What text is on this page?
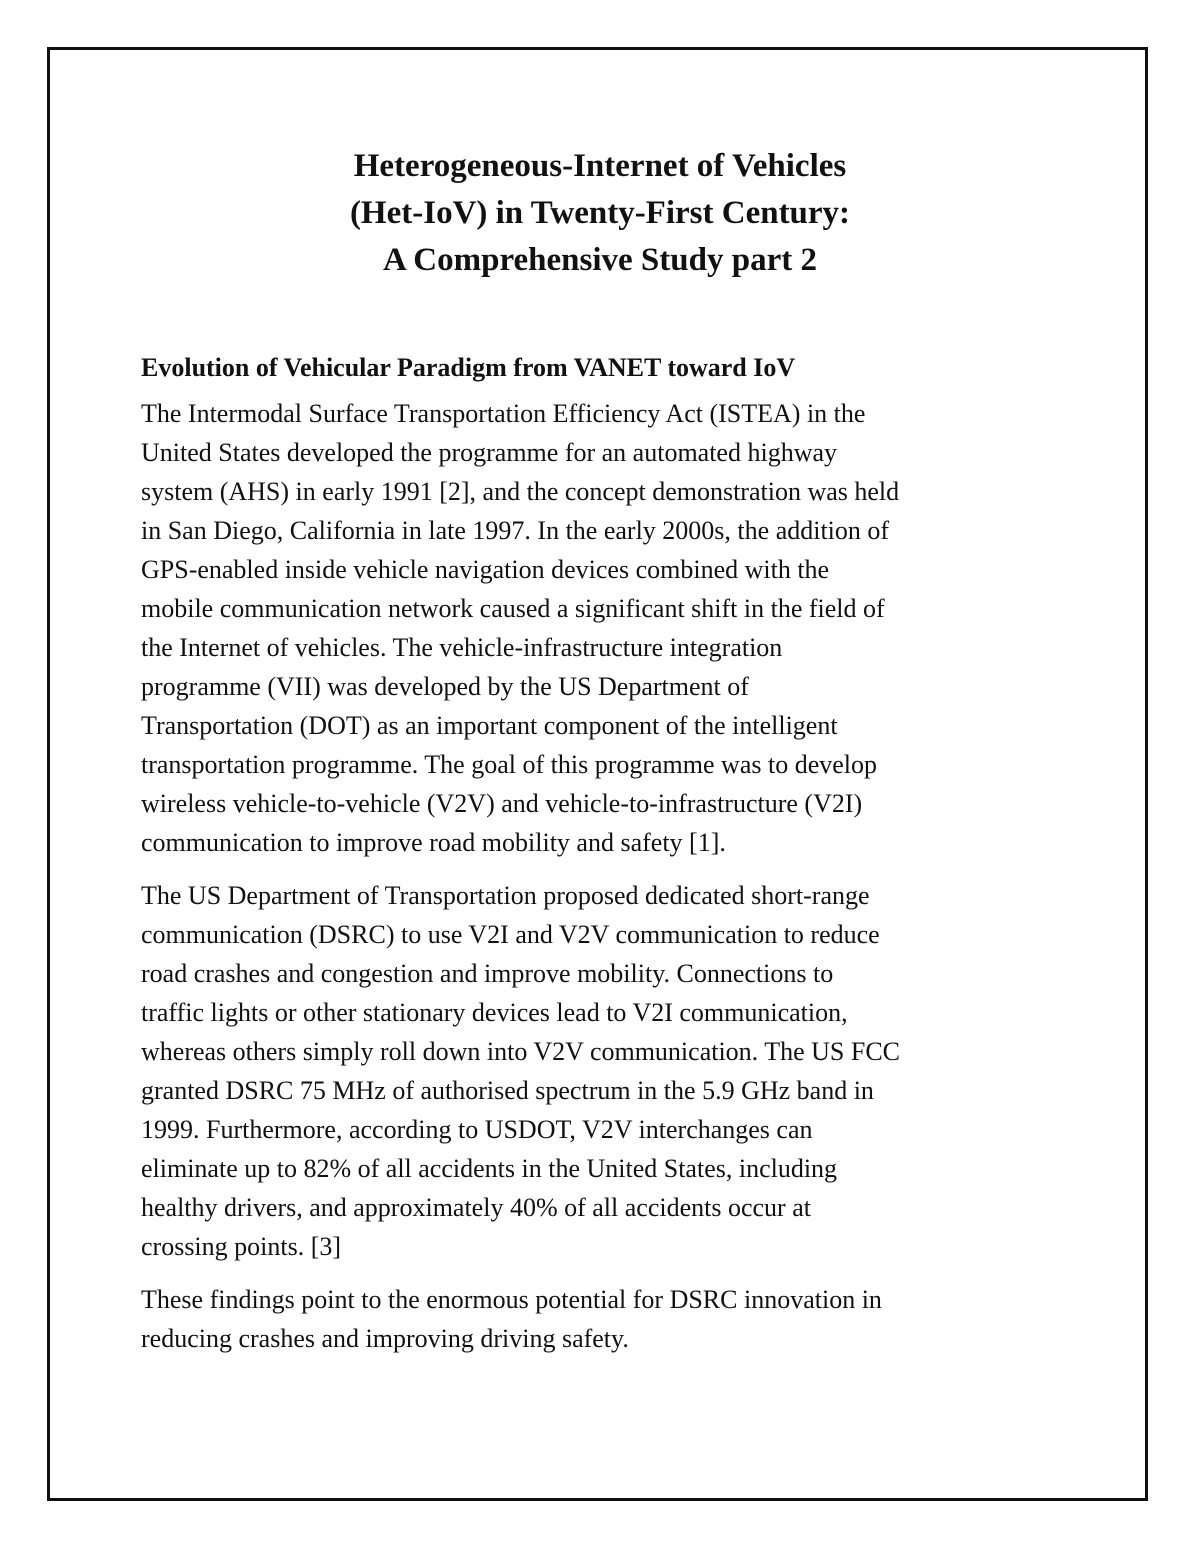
Heterogeneous-Internet of Vehicles
(Het-IoV) in Twenty-First Century:
A Comprehensive Study part 2
Evolution of Vehicular Paradigm from VANET toward IoV
The Intermodal Surface Transportation Efficiency Act (ISTEA) in the
United States developed the programme for an automated highway
system (AHS) in early 1991 [2], and the concept demonstration was held
in San Diego, California in late 1997. In the early 2000s, the addition of
GPS-enabled inside vehicle navigation devices combined with the
mobile communication network caused a significant shift in the field of
the Internet of vehicles. The vehicle-infrastructure integration
programme (VII) was developed by the US Department of
Transportation (DOT) as an important component of the intelligent
transportation programme. The goal of this programme was to develop
wireless vehicle-to-vehicle (V2V) and vehicle-to-infrastructure (V2I)
communication to improve road mobility and safety [1].
The US Department of Transportation proposed dedicated short-range
communication (DSRC) to use V2I and V2V communication to reduce
road crashes and congestion and improve mobility. Connections to
traffic lights or other stationary devices lead to V2I communication,
whereas others simply roll down into V2V communication. The US FCC
granted DSRC 75 MHz of authorised spectrum in the 5.9 GHz band in
1999. Furthermore, according to USDOT, V2V interchanges can
eliminate up to 82% of all accidents in the United States, including
healthy drivers, and approximately 40% of all accidents occur at
crossing points. [3]
These findings point to the enormous potential for DSRC innovation in
reducing crashes and improving driving safety.
